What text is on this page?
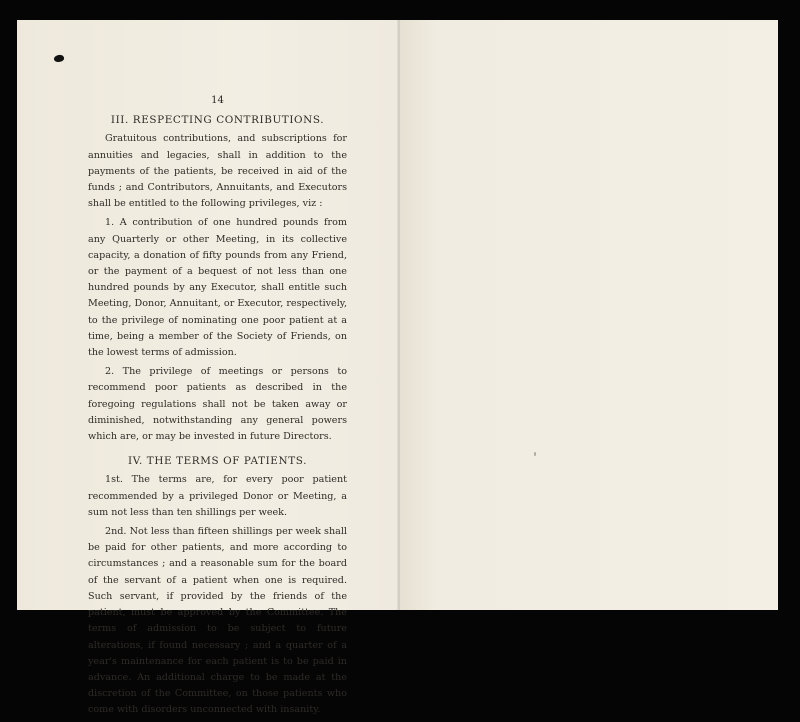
14
III. RESPECTING CONTRIBUTIONS.

Gratuitous contributions, and subscriptions for annuities and legacies, shall in addition to the payments of the patients, be received in aid of the funds ; and Contributors, Annuitants, and Executors shall be entitled to the following privileges, viz :

1. A contribution of one hundred pounds from any Quarterly or other Meeting, in its collective capacity, a donation of fifty pounds from any Friend, or the payment of a bequest of not less than one hundred pounds by any Executor, shall entitle such Meeting, Donor, Annuitant, or Executor, respectively, to the privilege of nominating one poor patient at a time, being a member of the Society of Friends, on the lowest terms of admission.

2. The privilege of meetings or persons to recommend poor patients as described in the foregoing regulations shall not be taken away or diminished, notwithstanding any general powers which are, or may be invested in future Directors.

IV. THE TERMS OF PATIENTS.

1st. The terms are, for every poor patient recommended by a privileged Donor or Meeting, a sum not less than ten shillings per week.

2nd. Not less than fifteen shillings per week shall be paid for other patients, and more according to circumstances ; and a reasonable sum for the board of the servant of a patient when one is required. Such servant, if provided by the friends of the patient, must be approved by the Committee. The terms of admission to be subject to future alterations, if found necessary ; and a quarter of a year's maintenance for each patient is to be paid in advance. An additional charge to be made at the discretion of the Committee, on those patients who come with disorders unconnected with insanity.
